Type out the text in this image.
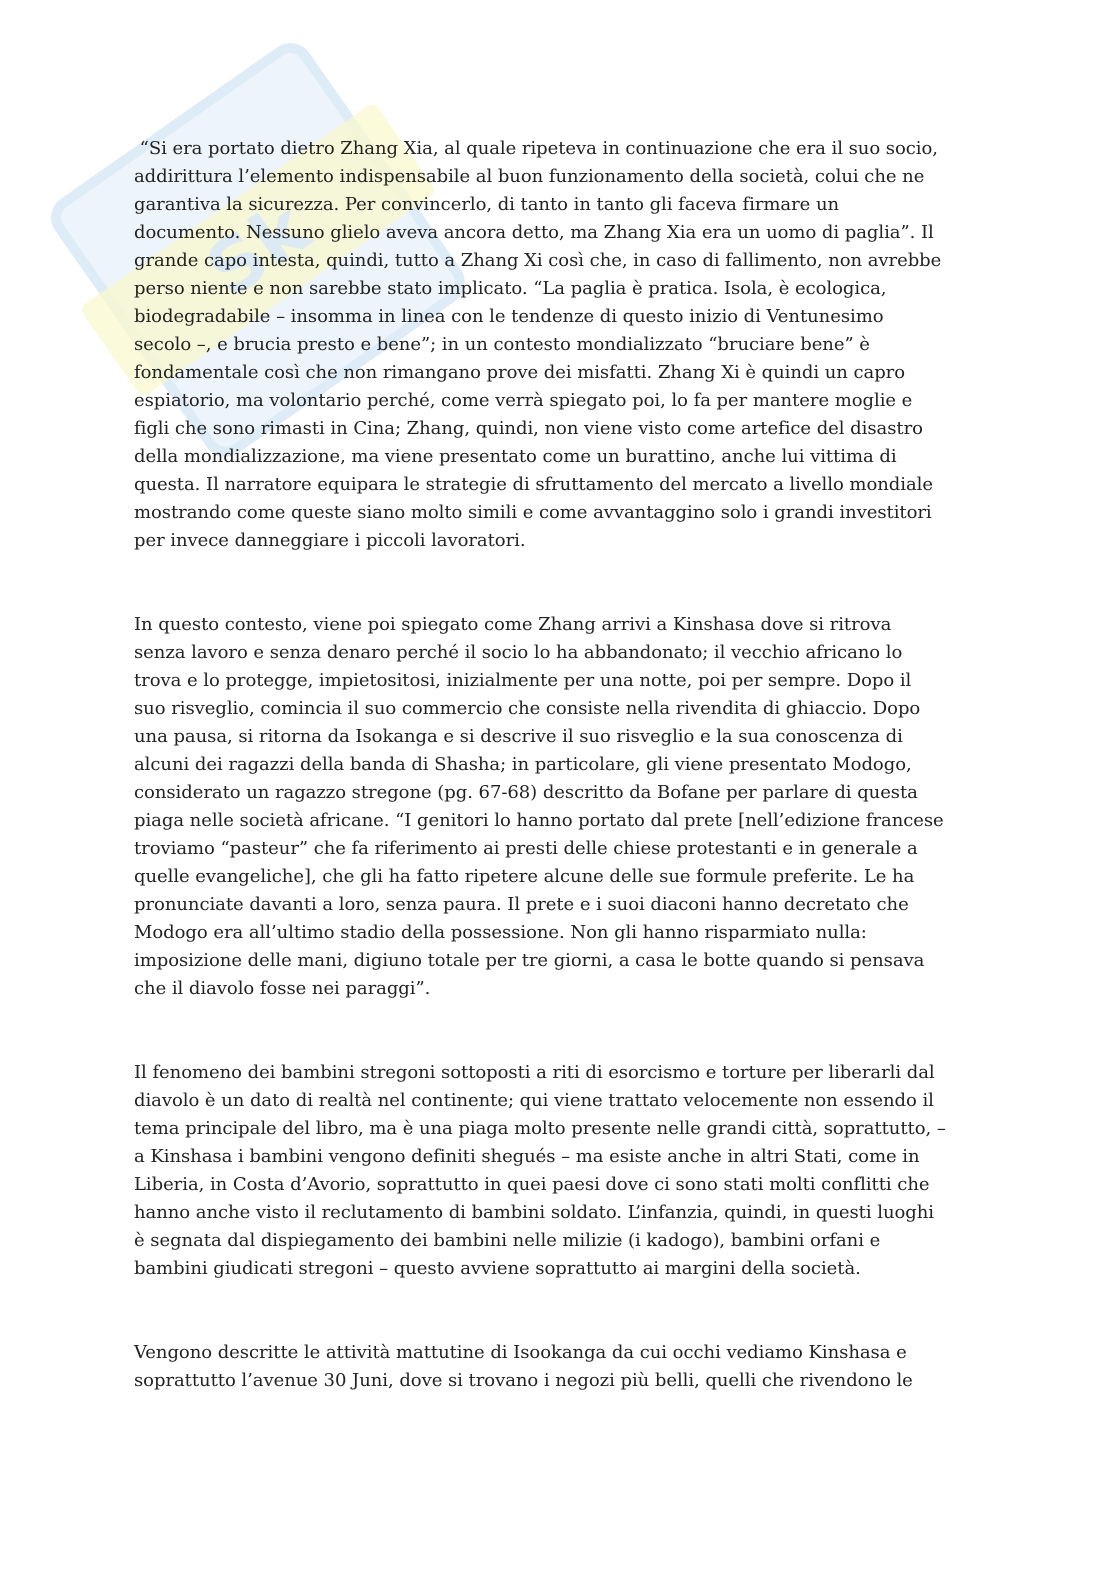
Sk

“Si era portato dietro Zhang Xia, al quale ripeteva in continuazione che era il suo socio,
addirittura l’elemento indispensabile al buon funzionamento della società, colui che ne
garantiva la sicurezza. Per convincerlo, di tanto in tanto gli faceva firmare un
documento. Nessuno glielo aveva ancora detto, ma Zhang Xia era un uomo di paglia”. Il
grande capo intesta, quindi, tutto a Zhang Xi così che, in caso di fallimento, non avrebbe
perso niente e non sarebbe stato implicato. “La paglia è pratica. Isola, è ecologica,
biodegradabile – insomma in linea con le tendenze di questo inizio di Ventunesimo
secolo –, e brucia presto e bene”; in un contesto mondializzato “bruciare bene” è
fondamentale così che non rimangano prove dei misfatti. Zhang Xi è quindi un capro
espiatorio, ma volontario perché, come verrà spiegato poi, lo fa per mantere moglie e
figli che sono rimasti in Cina; Zhang, quindi, non viene visto come artefice del disastro
della mondializzazione, ma viene presentato come un burattino, anche lui vittima di
questa. Il narratore equipara le strategie di sfruttamento del mercato a livello mondiale
mostrando come queste siano molto simili e come avvantaggino solo i grandi investitori
per invece danneggiare i piccoli lavoratori.

In questo contesto, viene poi spiegato come Zhang arrivi a Kinshasa dove si ritrova
senza lavoro e senza denaro perché il socio lo ha abbandonato; il vecchio africano lo
trova e lo protegge, impietositosi, inizialmente per una notte, poi per sempre. Dopo il
suo risveglio, comincia il suo commercio che consiste nella rivendita di ghiaccio. Dopo
una pausa, si ritorna da Isokanga e si descrive il suo risveglio e la sua conoscenza di
alcuni dei ragazzi della banda di Shasha; in particolare, gli viene presentato Modogo,
considerato un ragazzo stregone (pg. 67-68) descritto da Bofane per parlare di questa
piaga nelle società africane. “I genitori lo hanno portato dal prete [nell’edizione francese
troviamo “pasteur” che fa riferimento ai presti delle chiese protestanti e in generale a
quelle evangeliche], che gli ha fatto ripetere alcune delle sue formule preferite. Le ha
pronunciate davanti a loro, senza paura. Il prete e i suoi diaconi hanno decretato che
Modogo era all’ultimo stadio della possessione. Non gli hanno risparmiato nulla:
imposizione delle mani, digiuno totale per tre giorni, a casa le botte quando si pensava
che il diavolo fosse nei paraggi”.

Il fenomeno dei bambini stregoni sottoposti a riti di esorcismo e torture per liberarli dal
diavolo è un dato di realtà nel continente; qui viene trattato velocemente non essendo il
tema principale del libro, ma è una piaga molto presente nelle grandi città, soprattutto, –
a Kinshasa i bambini vengono definiti shegués – ma esiste anche in altri Stati, come in
Liberia, in Costa d’Avorio, soprattutto in quei paesi dove ci sono stati molti conflitti che
hanno anche visto il reclutamento di bambini soldato. L’infanzia, quindi, in questi luoghi
è segnata dal dispiegamento dei bambini nelle milizie (i kadogo), bambini orfani e
bambini giudicati stregoni – questo avviene soprattutto ai margini della società.

Vengono descritte le attività mattutine di Isookanga da cui occhi vediamo Kinshasa e
soprattutto l’avenue 30 Juni, dove si trovano i negozi più belli, quelli che rivendono le
